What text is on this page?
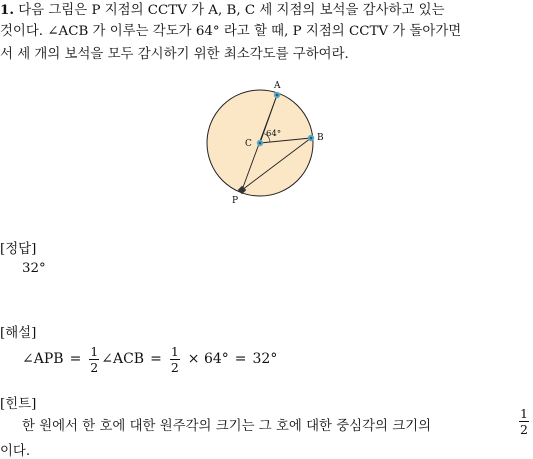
1. 다음 그림은 P 지점의 CCTV 가 A, B, C 세 지점의 보석을 감사하고 있는
것이다. ∠ACB 가 이루는 각도가 64° 라고 할 때, P 지점의 CCTV 가 돌아가면
서 세 개의 보석을 모두 감시하기 위한 최소각도를 구하여라.
64°
A
B
C
P
[정답]
32°
[해설]
∠APB = $\frac{1}{2}$ ∠ACB = $\frac{1}{2} \times 64^\circ = 32^\circ$
[힌트]
한 원에서 한 호에 대한 원주각의 크기는 그 호에 대한 중심각의 크기의	$\frac{1}{2}$
이다.
